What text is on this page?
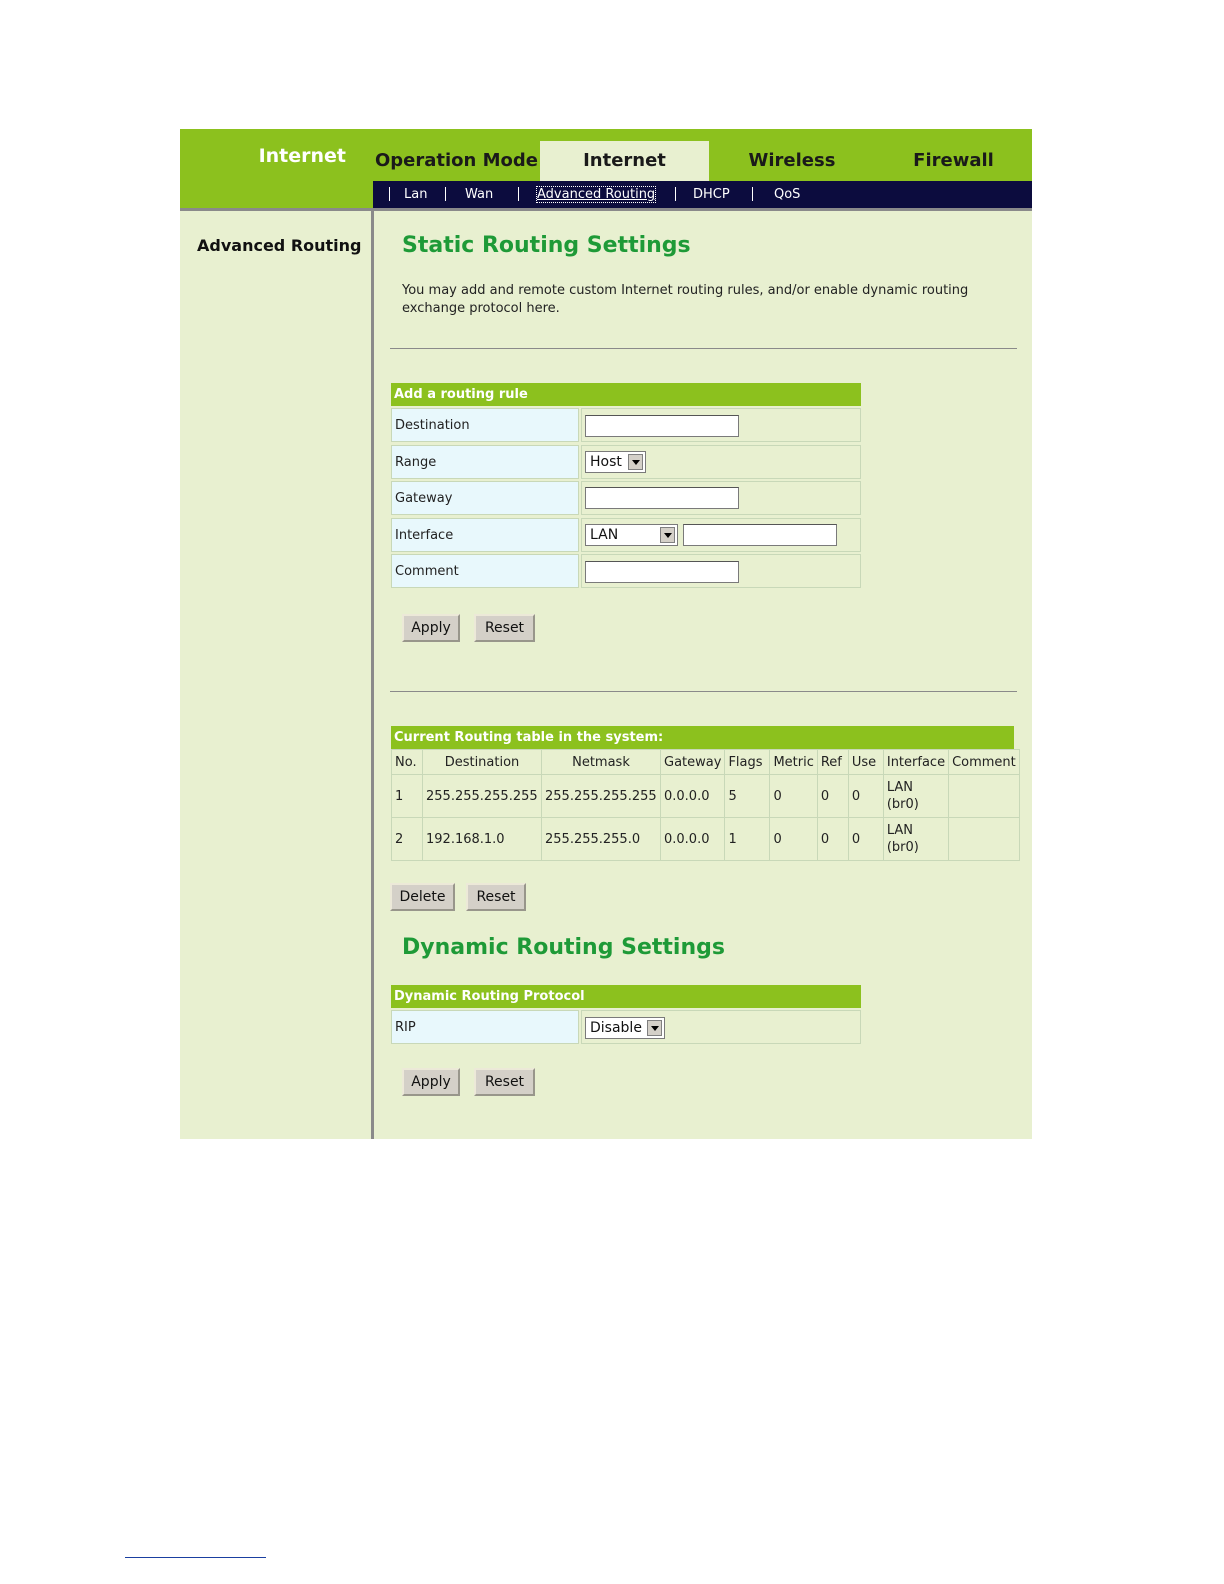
Internet Operation Mode	Internet	Wireless	Firewall
Lan	Wan	Advanced Routing	DHCP	QoS
Advanced Routing Static Routing Settings
You may add and remote custom Internet routing rules, and/or enable dynamic routing exchange protocol here.
Add a routing rule
Destination
Range	Host
Gateway
Interface	LAN
Comment
Apply	Reset
Current Routing table in the system:
No.	Destination	Netmask	Gateway	Flags	Metric	Ref	Use	Interface	Comment
1	255.255.255.255	255.255.255.255	0.0.0.0	5	0	0	0	LAN (br0)	
2	192.168.1.0	255.255.255.0	0.0.0.0	1	0	0	0	LAN (br0)	
Delete	Reset
Dynamic Routing Settings
Dynamic Routing Protocol
RIP	Disable
Apply	Reset
